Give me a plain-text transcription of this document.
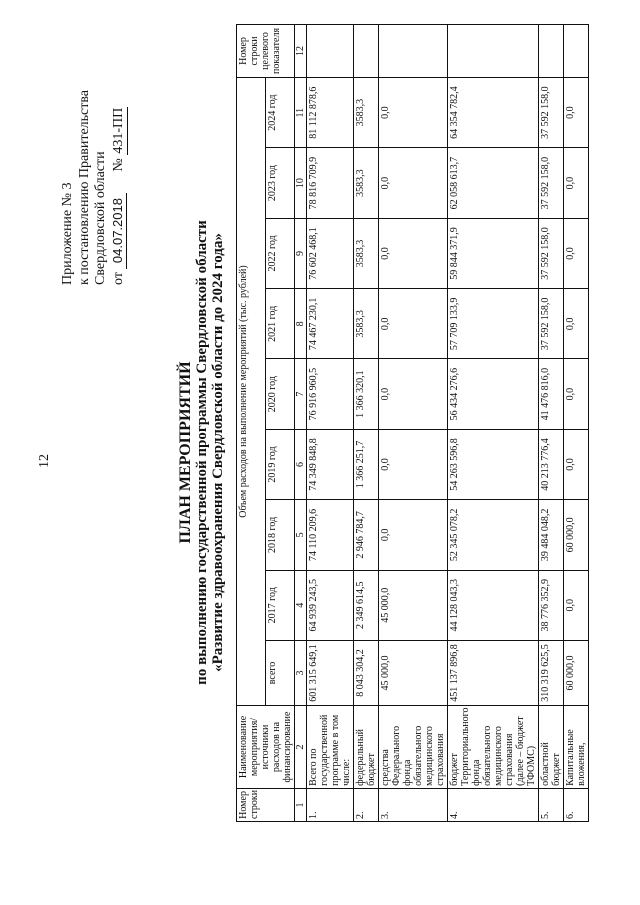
12
Приложение № 3 к постановлению Правительства Свердловской области от 04.07.2018      № 431-ПП
ПЛАН МЕРОПРИЯТИЙ по выполнению государственной программы Свердловской области «Развитие здравоохранения Свердловской области до 2024 года»
Номер строки	Наименование мероприятия/ источники расходов на финансирование	Объем расходов на выполнение мероприятий (тыс. рублей)									Номер строки целевого показателя
		всего	2017 год	2018 год	2019 год	2020 год	2021 год	2022 год	2023 год	2024 год	
1	2	3	4	5	6	7	8	9	10	11	12
1.	Всего по государственной программе в том числе:	601 315 649,1	64 939 243,5	74 110 209,6	74 349 848,8	76 916 960,5	74 467 230,1	76 602 468,1	78 816 709,9	81 112 878,6	
2.	федеральный бюджет	8 043 304,2	2 349 614,5	2 946 784,7	1 366 251,7	1 366 320,1	3583,3	3583,3	3583,3	3583,3	
3.	средства Федерального фонда обязательного медицинского страхования	45 000,0	45 000,0	0,0	0,0	0,0	0,0	0,0	0,0	0,0	
4.	бюджет Территориального фонда обязательного медицинского страхования (далее – бюджет ТФОМС)	451 137 896,8	44 128 043,3	52 345 078,2	54 263 596,8	56 434 276,6	57 709 133,9	59 844 371,9	62 058 613,7	64 354 782,4	
5.	областной бюджет	310 319 625,5	38 776 352,9	39 484 048,2	40 213 776,4	41 476 816,0	37 592 158,0	37 592 158,0	37 592 158,0	37 592 158,0	
6.	Капитальные вложения,	60 000,0	0,0	60 000,0	0,0	0,0	0,0	0,0	0,0	0,0	
